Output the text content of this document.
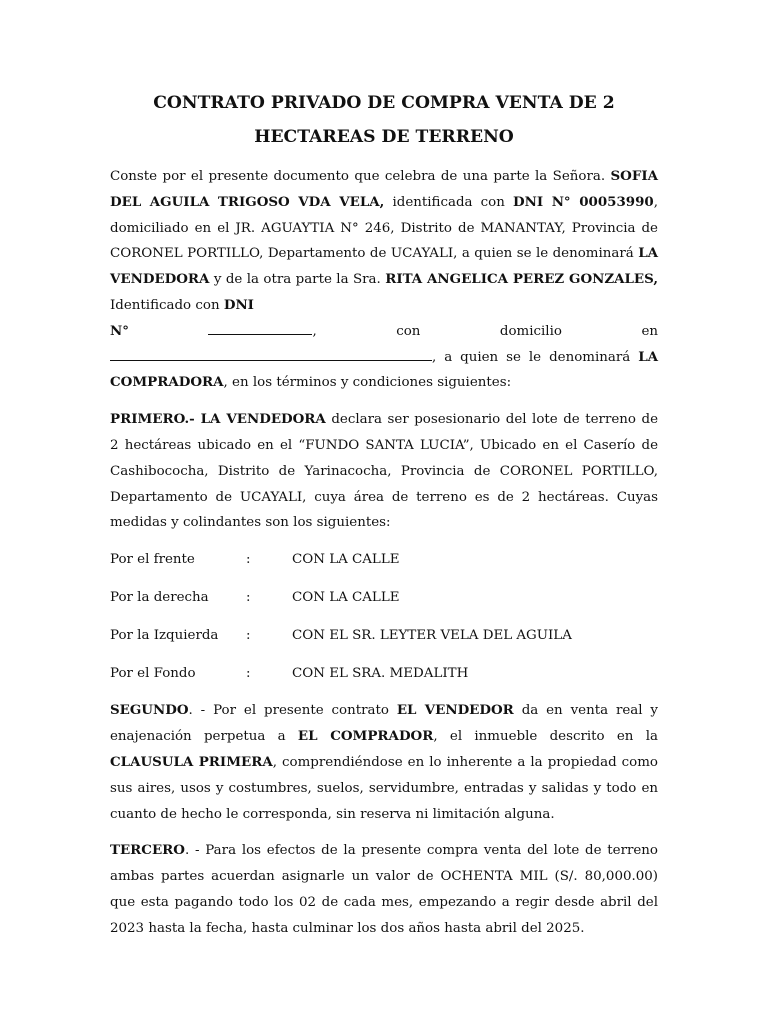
CONTRATO PRIVADO DE COMPRA VENTA DE 2
HECTAREAS DE TERRENO
Conste por el presente documento que celebra de una parte la Señora. SOFIA DEL AGUILA TRIGOSO VDA VELA, identificada con DNI N° 00053990, domiciliado en el JR. AGUAYTIA N° 246, Distrito de MANANTAY, Provincia de CORONEL PORTILLO, Departamento de UCAYALI, a quien se le denominará LA VENDEDORA y de la otra parte la Sra. RITA ANGELICA PEREZ GONZALES, Identificado con DNI
N°	, con domicilio en
, a quien se le denominará LA
COMPRADORA, en los términos y condiciones siguientes:

PRIMERO.- LA VENDEDORA declara ser posesionario del lote de terreno de 2 hectáreas ubicado en el “FUNDO SANTA LUCIA”, Ubicado en el Caserío de Cashibococha, Distrito de Yarinacocha, Provincia de CORONEL PORTILLO, Departamento de UCAYALI, cuya área de terreno es de 2 hectáreas. Cuyas medidas y colindantes son los siguientes:

Por el frente	:	CON LA CALLE
Por la derecha	:	CON LA CALLE
Por la Izquierda	:	CON EL SR. LEYTER VELA DEL AGUILA
Por el Fondo	:	CON EL SRA. MEDALITH

SEGUNDO. - Por el presente contrato EL VENDEDOR da en venta real y enajenación perpetua a EL COMPRADOR, el inmueble descrito en la CLAUSULA PRIMERA, comprendiéndose en lo inherente a la propiedad como sus aires, usos y costumbres, suelos, servidumbre, entradas y salidas y todo en cuanto de hecho le corresponda, sin reserva ni limitación alguna.

TERCERO. - Para los efectos de la presente compra venta del lote de terreno ambas partes acuerdan asignarle un valor de OCHENTA MIL (S/. 80,000.00) que esta pagando todo los 02 de cada mes, empezando a regir desde abril del 2023 hasta la fecha, hasta culminar los dos años hasta abril del 2025.
